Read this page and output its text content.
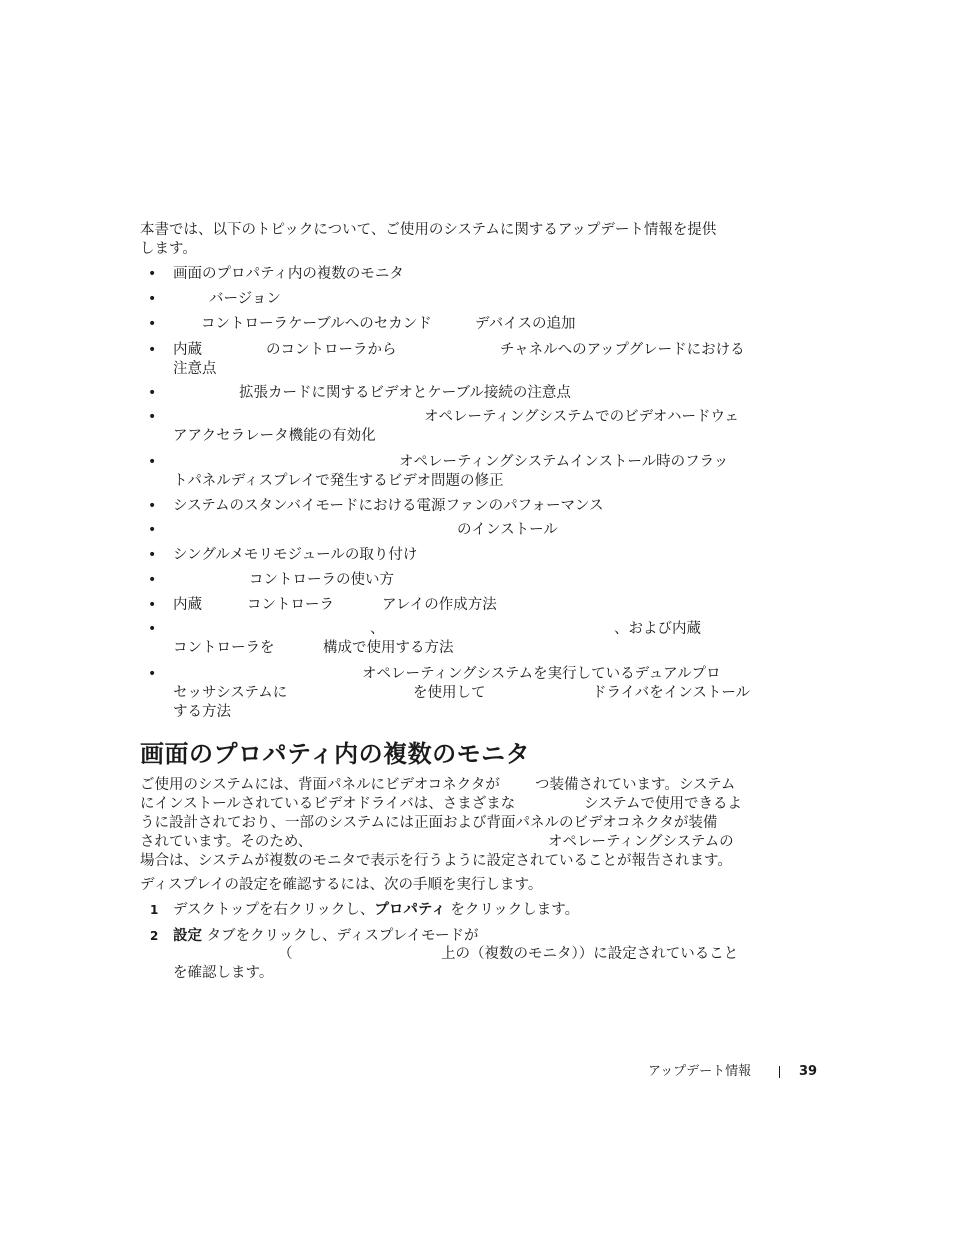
本書では、以下のトピックについて、ご使用のシステムに関するアップデート情報を提供
します。
• 画面のプロパティ内の複数のモニタ
•	バージョン
•	コントローラケーブルへのセカンド	デバイスの追加
• 内蔵	のコントローラから	チャネルへのアップグレードにおける
注意点
•	拡張カードに関するビデオとケーブル接続の注意点
•	オペレーティングシステムでのビデオハードウェ
アアクセラレータ機能の有効化
•	オペレーティングシステムインストール時のフラッ
トパネルディスプレイで発生するビデオ問題の修正
• システムのスタンバイモードにおける電源ファンのパフォーマンス
•	のインストール
• シングルメモリモジュールの取り付け
•	コントローラの使い方
• 内蔵	コントローラ	アレイの作成方法
•	、	、および内蔵
コントローラを	構成で使用する方法
•	オペレーティングシステムを実行しているデュアルプロ
セッサシステムに	を使用して	ドライバをインストール
する方法
画面のプロパティ内の複数のモニタ
ご使用のシステムには、背面パネルにビデオコネクタが つ装備されています。システム
にインストールされているビデオドライバは、さまざまな	システムで使用できるよ
うに設計されており、一部のシステムには正面および背面パネルのビデオコネクタが装備
されています。そのため、	オペレーティングシステムの
場合は、システムが複数のモニタで表示を行うように設定されていることが報告されます。
ディスプレイの設定を確認するには、次の手順を実行します。
1 デスクトップを右クリックし、プロパティ をクリックします。
2 設定 タブをクリックし、ディスプレイモードが
（	上の（複数のモニタ））に設定されていること
を確認します。
アップデート情報	39
